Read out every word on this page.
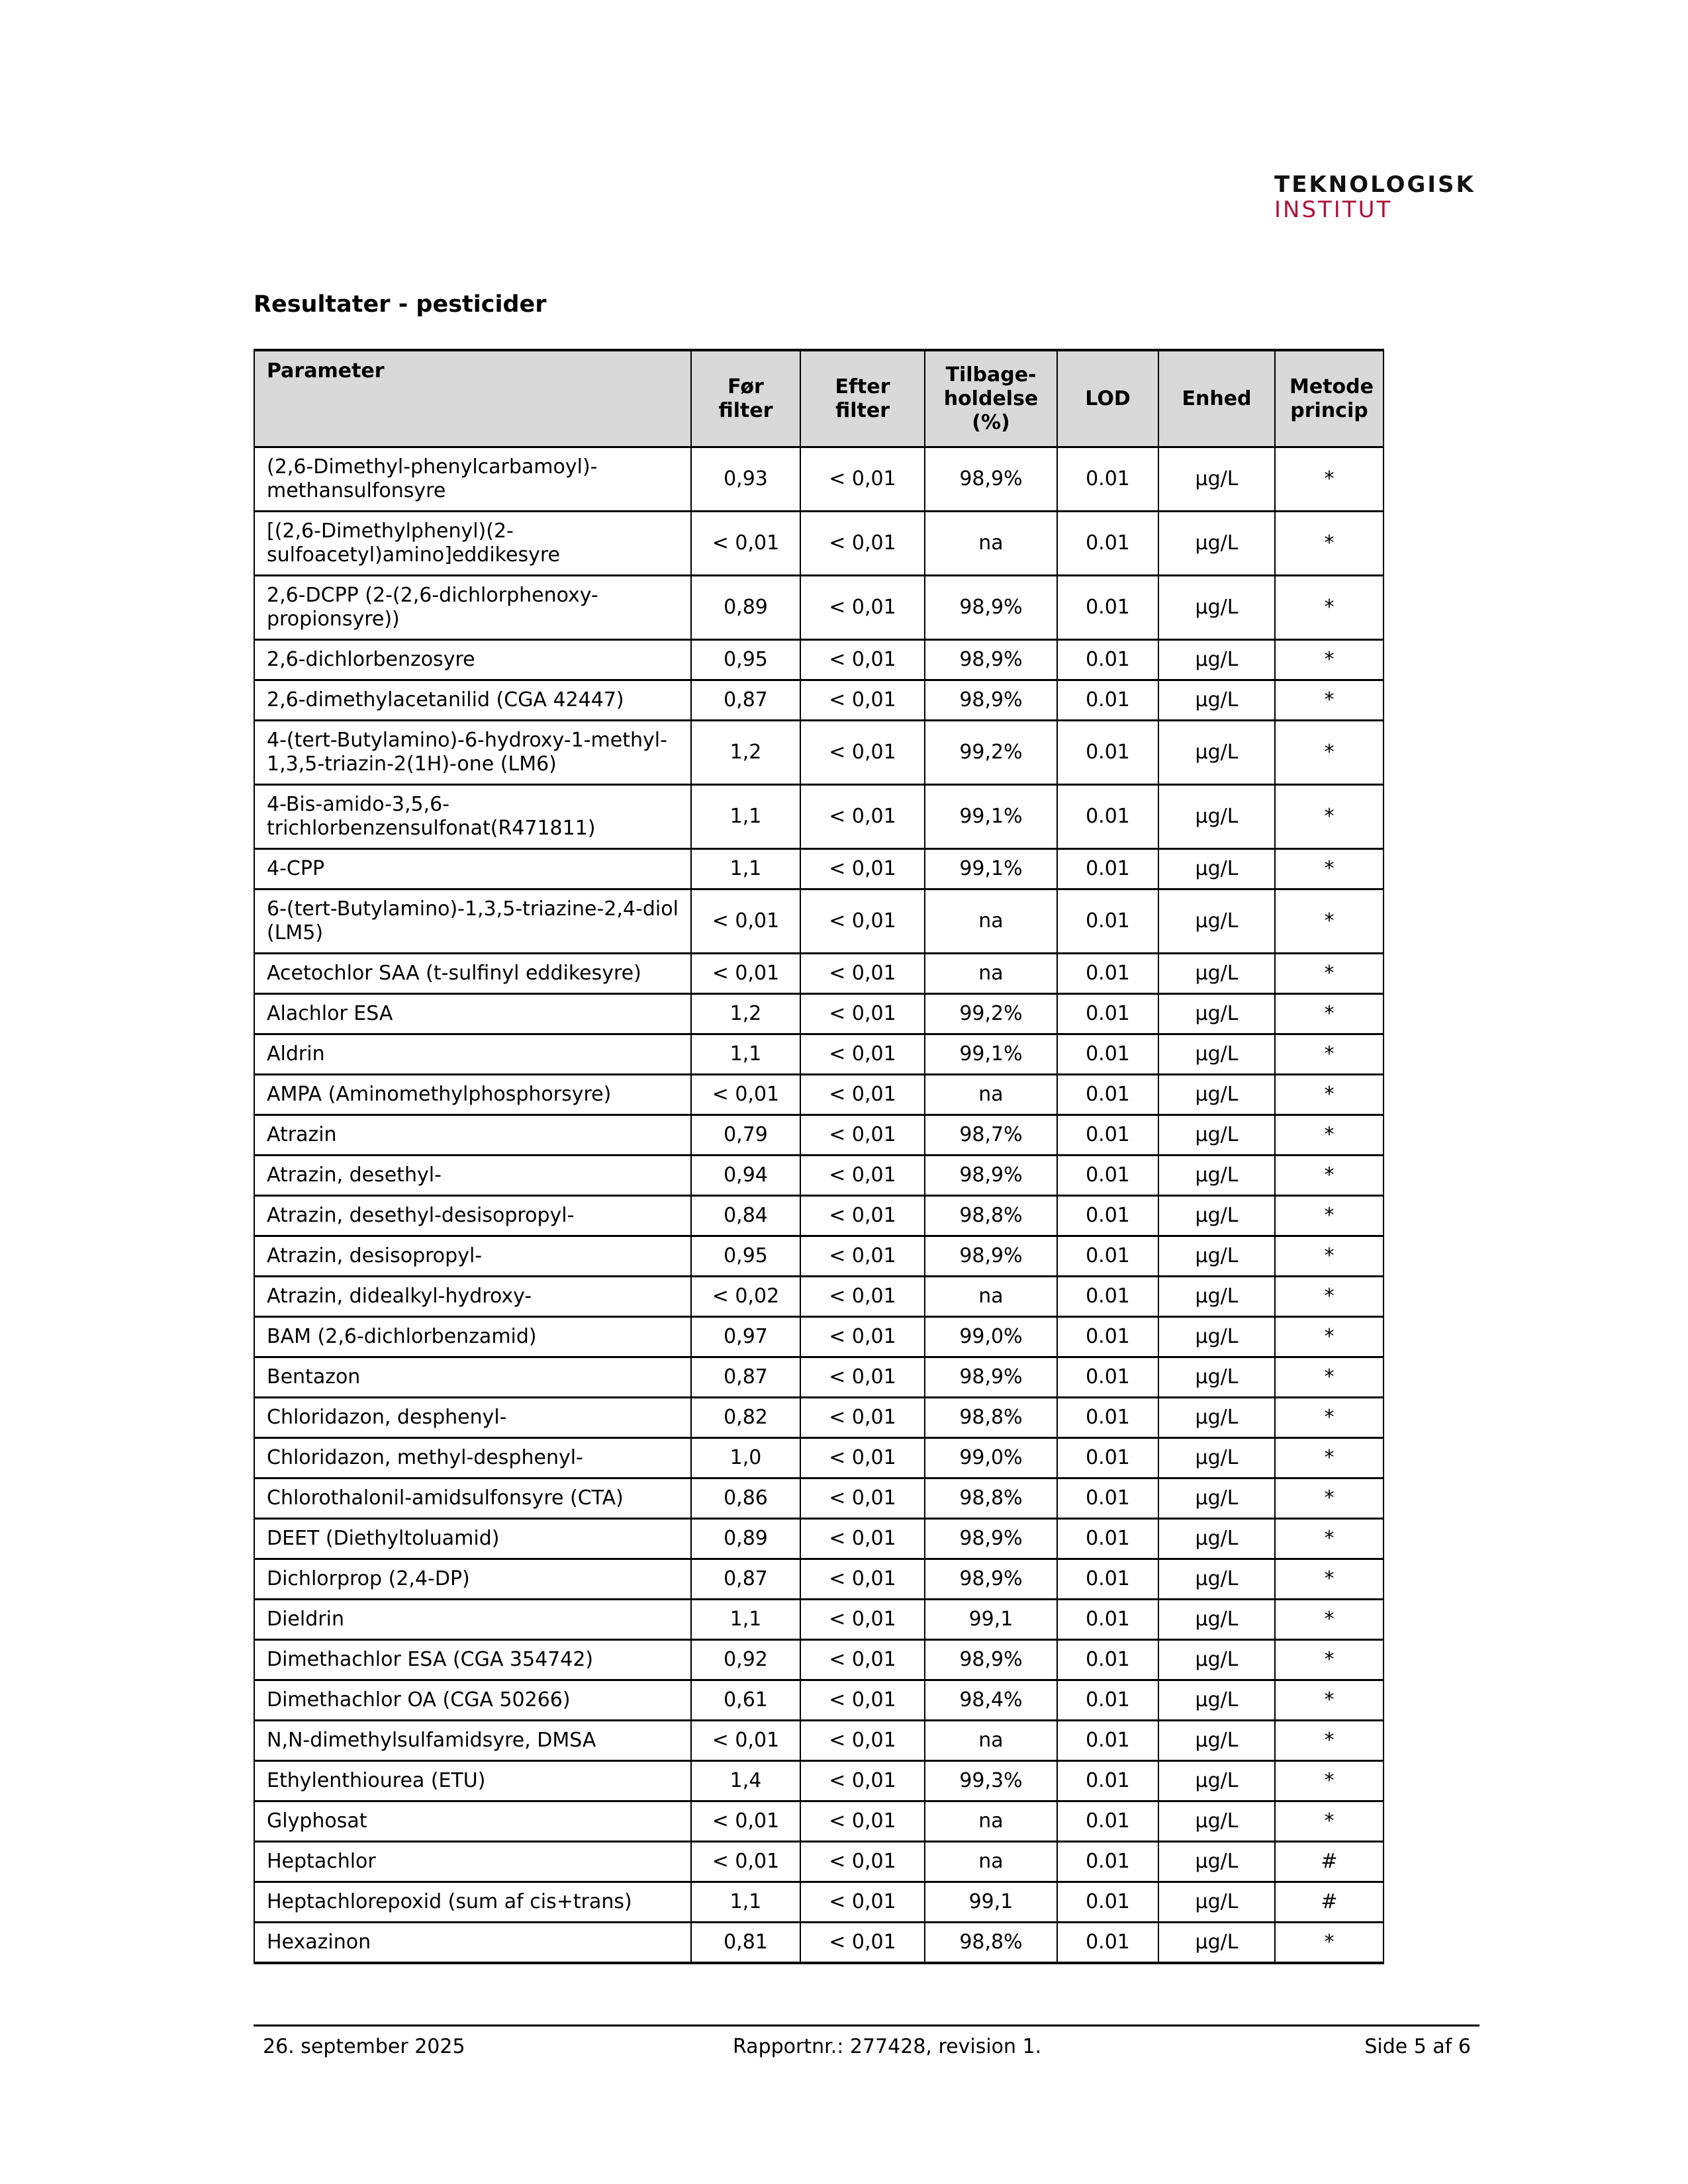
TEKNOLOGISK
INSTITUT
Resultater - pesticider
Parameter	Før filter	Efter filter	Tilbage-holdelse (%)	LOD	Enhed	Metode princip
(2,6-Dimethyl-phenylcarbamoyl)-methansulfonsyre	0,93	< 0,01	98,9%	0.01	µg/L	*
[(2,6-Dimethylphenyl)(2-sulfoacetyl)amino]eddikesyre	< 0,01	< 0,01	na	0.01	µg/L	*
2,6-DCPP (2-(2,6-dichlorphenoxy-propionsyre))	0,89	< 0,01	98,9%	0.01	µg/L	*
2,6-dichlorbenzosyre	0,95	< 0,01	98,9%	0.01	µg/L	*
2,6-dimethylacetanilid (CGA 42447)	0,87	< 0,01	98,9%	0.01	µg/L	*
4-(tert-Butylamino)-6-hydroxy-1-methyl-1,3,5-triazin-2(1H)-one (LM6)	1,2	< 0,01	99,2%	0.01	µg/L	*
4-Bis-amido-3,5,6-trichlorbenzensulfonat(R471811)	1,1	< 0,01	99,1%	0.01	µg/L	*
4-CPP	1,1	< 0,01	99,1%	0.01	µg/L	*
6-(tert-Butylamino)-1,3,5-triazine-2,4-diol (LM5)	< 0,01	< 0,01	na	0.01	µg/L	*
Acetochlor SAA (t-sulfinyl eddikesyre)	< 0,01	< 0,01	na	0.01	µg/L	*
Alachlor ESA	1,2	< 0,01	99,2%	0.01	µg/L	*
Aldrin	1,1	< 0,01	99,1%	0.01	µg/L	*
AMPA (Aminomethylphosphorsyre)	< 0,01	< 0,01	na	0.01	µg/L	*
Atrazin	0,79	< 0,01	98,7%	0.01	µg/L	*
Atrazin, desethyl-	0,94	< 0,01	98,9%	0.01	µg/L	*
Atrazin, desethyl-desisopropyl-	0,84	< 0,01	98,8%	0.01	µg/L	*
Atrazin, desisopropyl-	0,95	< 0,01	98,9%	0.01	µg/L	*
Atrazin, didealkyl-hydroxy-	< 0,02	< 0,01	na	0.01	µg/L	*
BAM (2,6-dichlorbenzamid)	0,97	< 0,01	99,0%	0.01	µg/L	*
Bentazon	0,87	< 0,01	98,9%	0.01	µg/L	*
Chloridazon, desphenyl-	0,82	< 0,01	98,8%	0.01	µg/L	*
Chloridazon, methyl-desphenyl-	1,0	< 0,01	99,0%	0.01	µg/L	*
Chlorothalonil-amidsulfonsyre (CTA)	0,86	< 0,01	98,8%	0.01	µg/L	*
DEET (Diethyltoluamid)	0,89	< 0,01	98,9%	0.01	µg/L	*
Dichlorprop (2,4-DP)	0,87	< 0,01	98,9%	0.01	µg/L	*
Dieldrin	1,1	< 0,01	99,1	0.01	µg/L	*
Dimethachlor ESA (CGA 354742)	0,92	< 0,01	98,9%	0.01	µg/L	*
Dimethachlor OA (CGA 50266)	0,61	< 0,01	98,4%	0.01	µg/L	*
N,N-dimethylsulfamidsyre, DMSA	< 0,01	< 0,01	na	0.01	µg/L	*
Ethylenthiourea (ETU)	1,4	< 0,01	99,3%	0.01	µg/L	*
Glyphosat	< 0,01	< 0,01	na	0.01	µg/L	*
Heptachlor	< 0,01	< 0,01	na	0.01	µg/L	#
Heptachlorepoxid (sum af cis+trans)	1,1	< 0,01	99,1	0.01	µg/L	#
Hexazinon	0,81	< 0,01	98,8%	0.01	µg/L	*
26. september 2025	Rapportnr.: 277428, revision 1.	Side 5 af 6
